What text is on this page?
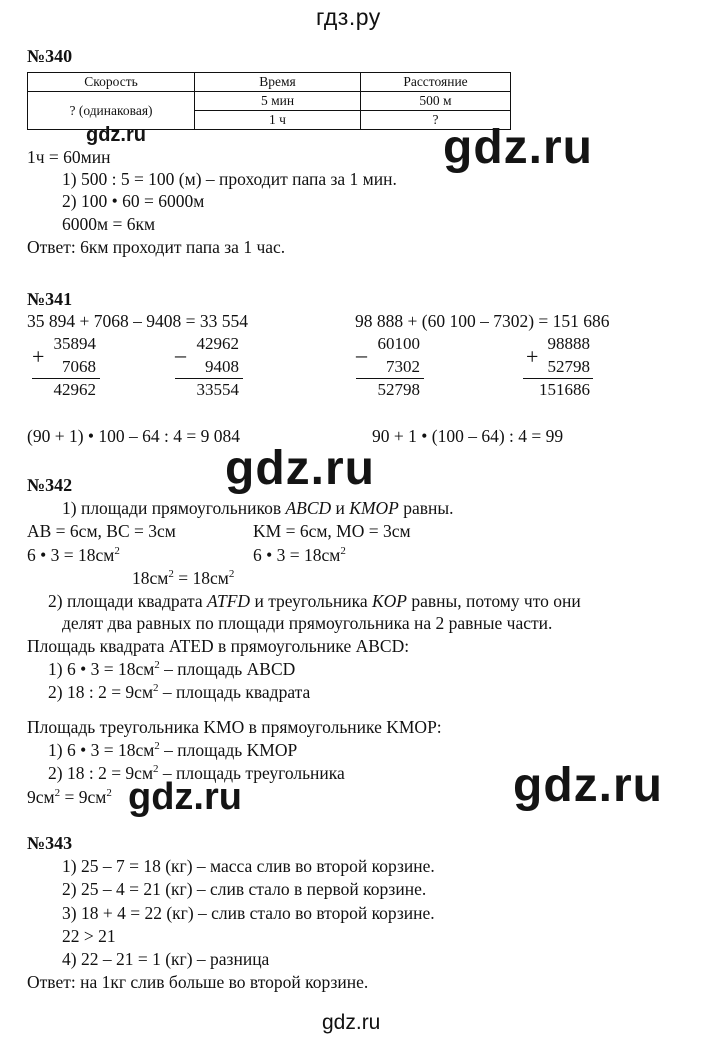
гдз.ру
№340
Скорость	Время	Расстояние
? (одинаковая)	5 мин	500 м
	1 ч	?
gdz.ru	gdz.ru
1ч = 60мин
1) 500 : 5 = 100 (м) – проходит папа за 1 мин.
2) 100 • 60 = 6000м
6000м = 6км
Ответ: 6км проходит папа за 1 час.
№341
35 894 + 7068 – 9408 = 33 554	98 888 + (60 100 – 7302) = 151 686
+
35894
7068
42962
– 42962
9408
33554
– 60100
7302
52798
+
98888
52798
151686
(90 + 1) • 100 – 64 : 4 = 9 084	90 + 1 • (100 – 64) : 4 = 99
gdz.ru
№342
1) площади прямоугольников ABCD и KMOP равны.
AB = 6см, BC = 3см	KM = 6см, MO = 3см
6 • $3 = 18см^2$	6 • $3 = 18см^2$
$18см^2 = 18см^2$
2) площади квадрата ATFD и треугольника KOP равны, потому что они
делят два равных по площади прямоугольника на 2 равные части.
Площадь квадрата ATED в прямоугольнике ABCD:
1) 6 • $3 = 18см^2$ – площадь ABCD
2) 18 : $2 = 9см^2$ – площадь квадрата
Площадь треугольника KMO в прямоугольнике KMOP:
1) 6 • $3 = 18см^2$ – площадь KMOP
2) 18 : $2 = 9см^2$ – площадь треугольника
$9см^2 = 9см^2$ gdz.ru	gdz.ru
№343
1) 25 – 7 = 18 (кг) – масса слив во второй корзине.
2) 25 – 4 = 21 (кг) – слив стало в первой корзине.
3) 18 + 4 = 22 (кг) – слив стало во второй корзине.
22 > 21
4) 22 – 21 = 1 (кг) – разница
Ответ: на 1кг слив больше во второй корзине.
gdz.ru
